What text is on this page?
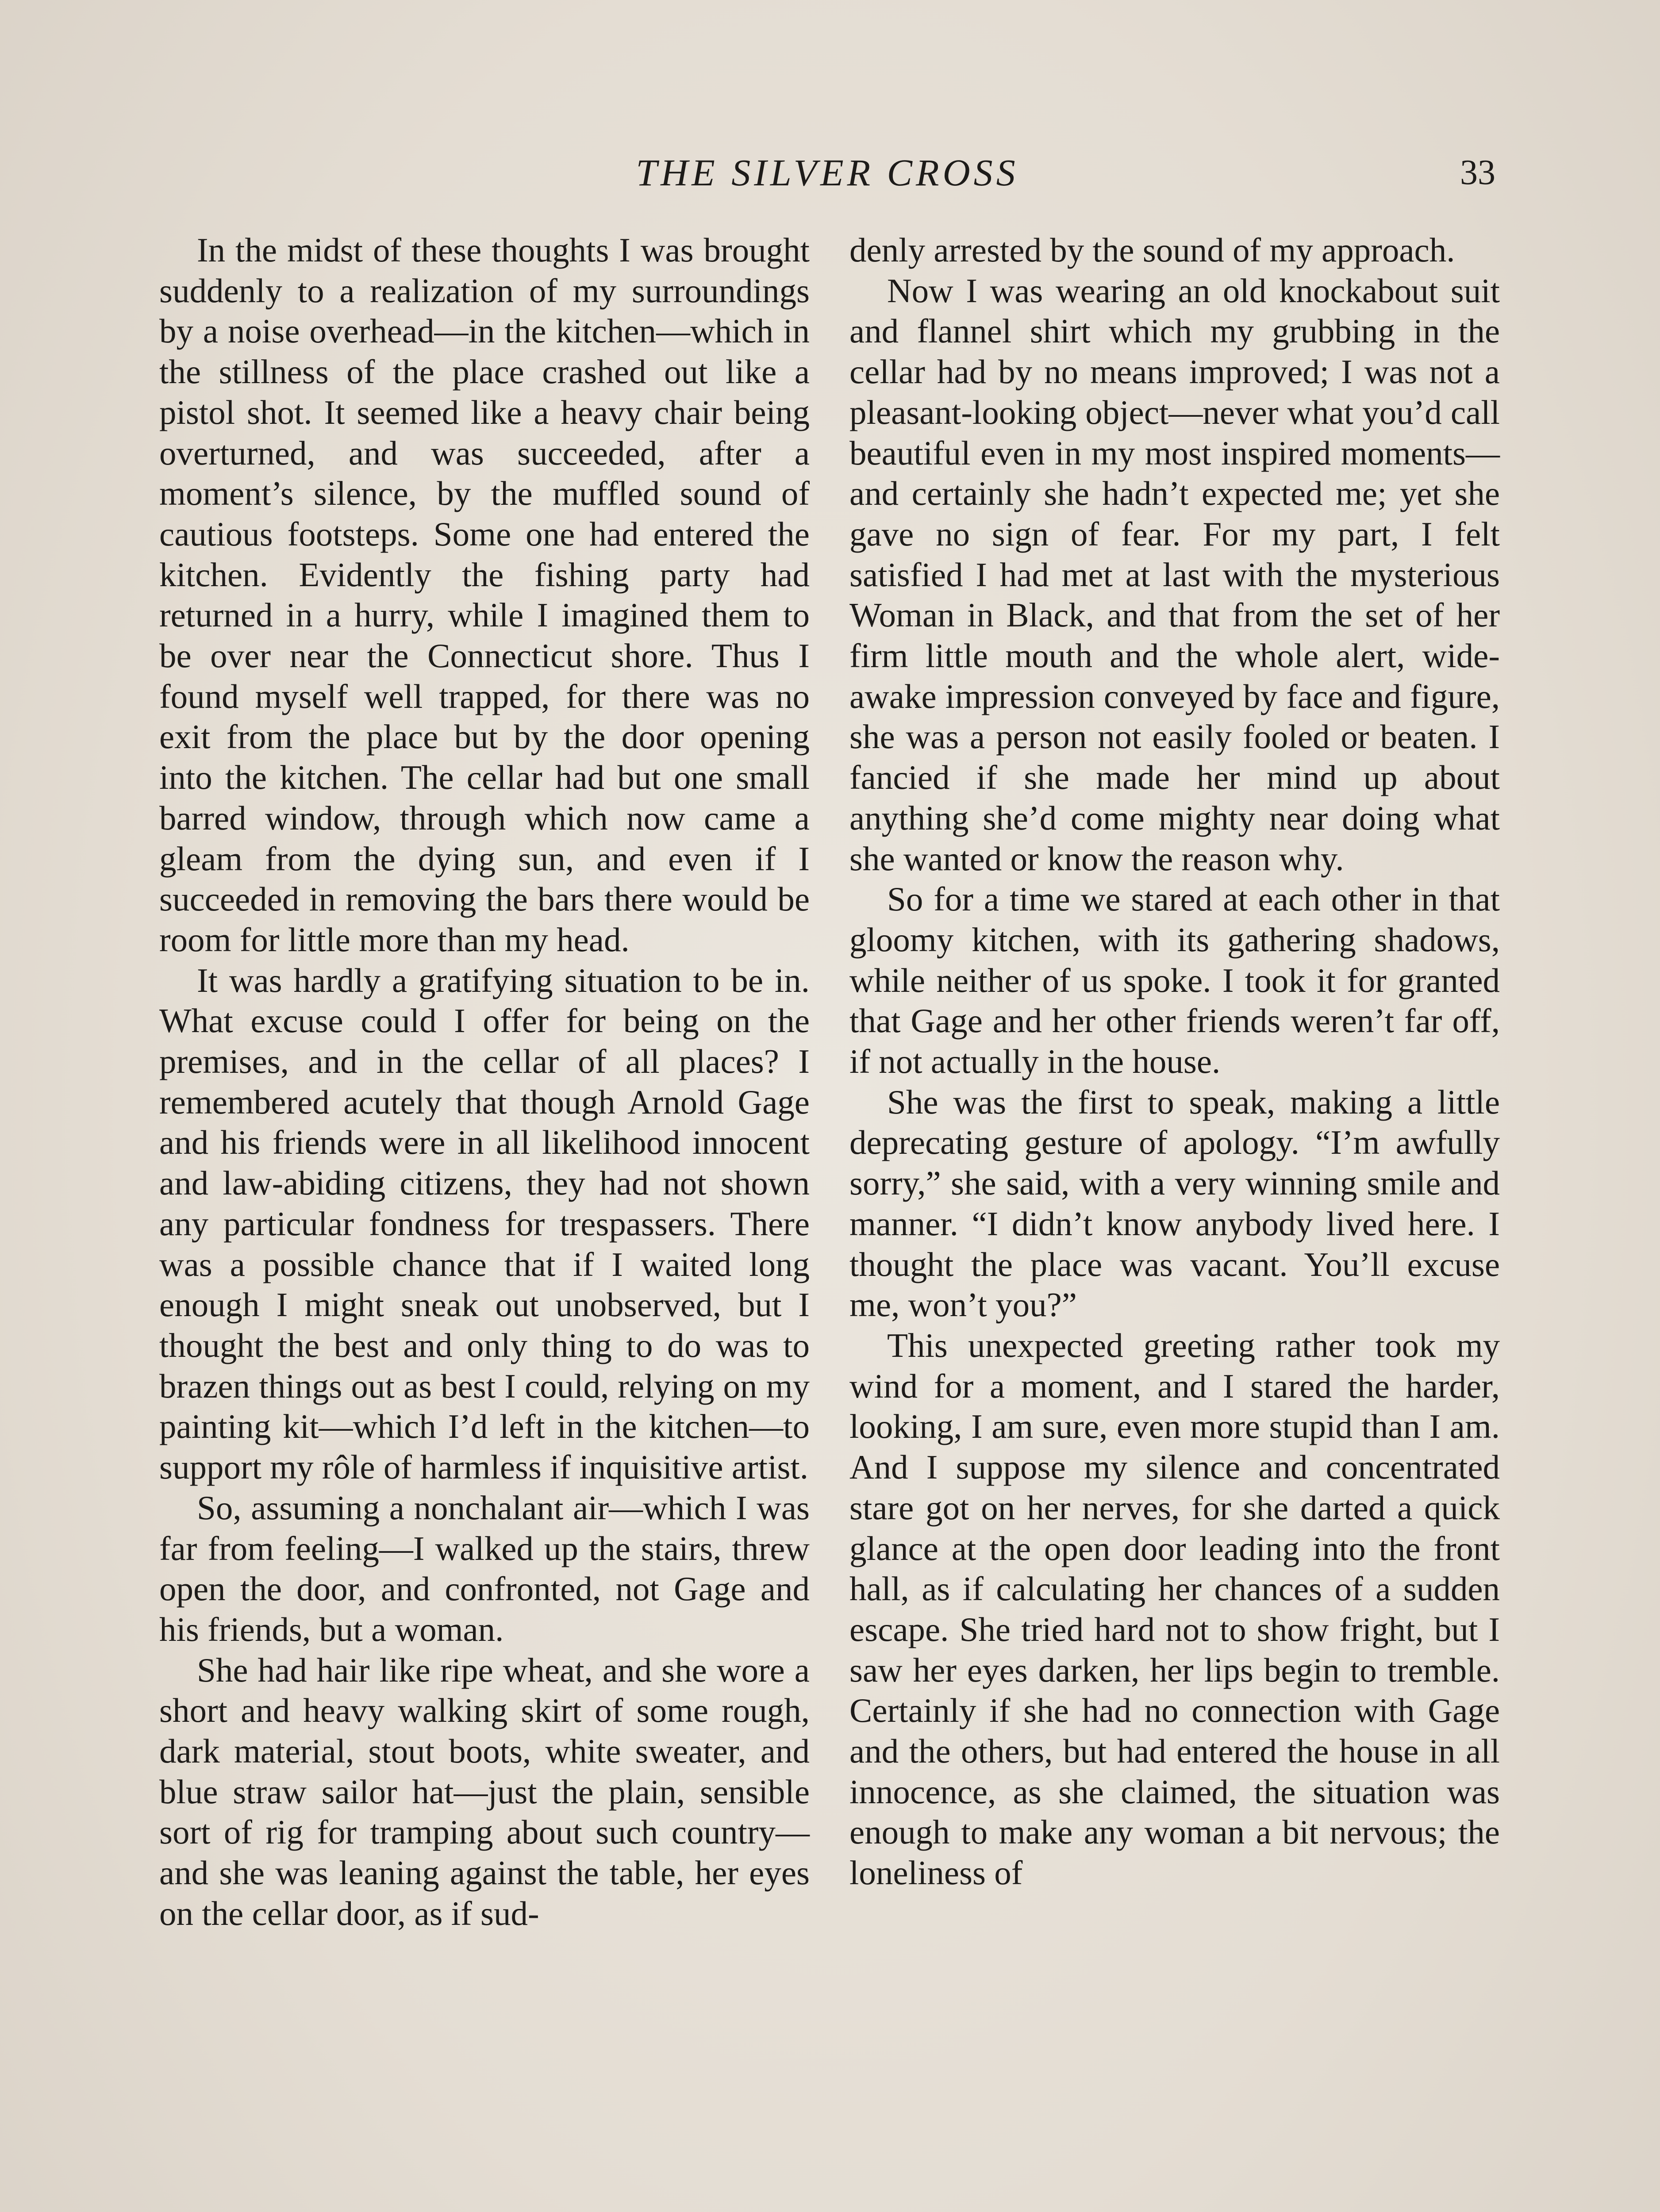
THE SILVER CROSS	33

In the midst of these thoughts I was brought suddenly to a realization of my surroundings by a noise overhead—in the kitchen—which in the stillness of the place crashed out like a pistol shot. It seemed like a heavy chair being overturned, and was succeeded, after a moment’s silence, by the muffled sound of cautious footsteps. Some one had entered the kitchen. Evidently the fishing party had returned in a hurry, while I imagined them to be over near the Connecticut shore. Thus I found myself well trapped, for there was no exit from the place but by the door opening into the kitchen. The cellar had but one small barred window, through which now came a gleam from the dying sun, and even if I succeeded in removing the bars there would be room for little more than my head.

It was hardly a gratifying situation to be in. What excuse could I offer for being on the premises, and in the cellar of all places? I remembered acutely that though Arnold Gage and his friends were in all likelihood innocent and law-abiding citizens, they had not shown any particular fondness for trespassers. There was a possible chance that if I waited long enough I might sneak out unobserved, but I thought the best and only thing to do was to brazen things out as best I could, relying on my painting kit—which I’d left in the kitchen—to support my rôle of harmless if inquisitive artist.

So, assuming a nonchalant air—which I was far from feeling—I walked up the stairs, threw open the door, and confronted, not Gage and his friends, but a woman.

She had hair like ripe wheat, and she wore a short and heavy walking skirt of some rough, dark material, stout boots, white sweater, and blue straw sailor hat—just the plain, sensible sort of rig for tramping about such country—and she was leaning against the table, her eyes on the cellar door, as if sud-

denly arrested by the sound of my approach.

Now I was wearing an old knockabout suit and flannel shirt which my grubbing in the cellar had by no means improved; I was not a pleasant-looking object—never what you’d call beautiful even in my most inspired moments—and certainly she hadn’t expected me; yet she gave no sign of fear. For my part, I felt satisfied I had met at last with the mysterious Woman in Black, and that from the set of her firm little mouth and the whole alert, wide-awake impression conveyed by face and figure, she was a person not easily fooled or beaten. I fancied if she made her mind up about anything she’d come mighty near doing what she wanted or know the reason why.

So for a time we stared at each other in that gloomy kitchen, with its gathering shadows, while neither of us spoke. I took it for granted that Gage and her other friends weren’t far off, if not actually in the house.

She was the first to speak, making a little deprecating gesture of apology. “I’m awfully sorry,” she said, with a very winning smile and manner. “I didn’t know anybody lived here. I thought the place was vacant. You’ll excuse me, won’t you?”

This unexpected greeting rather took my wind for a moment, and I stared the harder, looking, I am sure, even more stupid than I am. And I suppose my silence and concentrated stare got on her nerves, for she darted a quick glance at the open door leading into the front hall, as if calculating her chances of a sudden escape. She tried hard not to show fright, but I saw her eyes darken, her lips begin to tremble. Certainly if she had no connection with Gage and the others, but had entered the house in all innocence, as she claimed, the situation was enough to make any woman a bit nervous; the loneliness of
